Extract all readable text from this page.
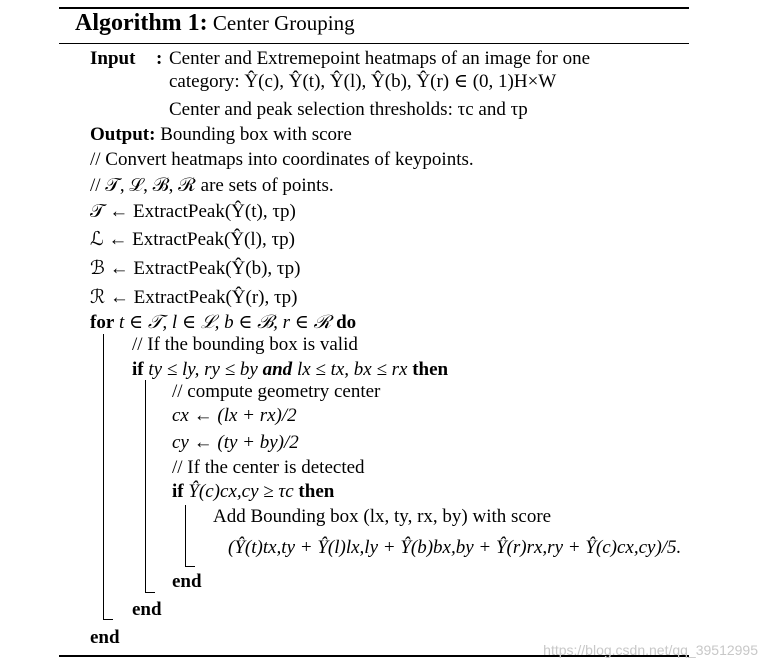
Algorithm 1: Center Grouping
Input : Center and Extremepoint heatmaps of an image for one
category: Ŷ(c), Ŷ(t), Ŷ(l), Ŷ(b), Ŷ(r) ∈ (0, 1)H×W
Center and peak selection thresholds: τc and τp
Output: Bounding box with score
// Convert heatmaps into coordinates of keypoints.
// 𝒯, ℒ, ℬ, ℛ are sets of points.
𝒯 ← ExtractPeak(Ŷ(t), τp)
ℒ ← ExtractPeak(Ŷ(l), τp)
ℬ ← ExtractPeak(Ŷ(b), τp)
ℛ ← ExtractPeak(Ŷ(r), τp)
for t ∈ 𝒯, l ∈ ℒ, b ∈ ℬ, r ∈ ℛ do
// If the bounding box is valid
if ty ≤ ly, ry ≤ by and lx ≤ tx, bx ≤ rx then
// compute geometry center
cx ← (lx + rx)/2
cy ← (ty + by)/2
// If the center is detected
if Ŷ(c)cx,cy ≥ τc then
Add Bounding box (lx, ty, rx, by) with score
(Ŷ(t)tx,ty + Ŷ(l)lx,ly + Ŷ(b)bx,by + Ŷ(r)rx,ry + Ŷ(c)cx,cy)/5.
end
end
end
https://blog.csdn.net/qq_39512995
